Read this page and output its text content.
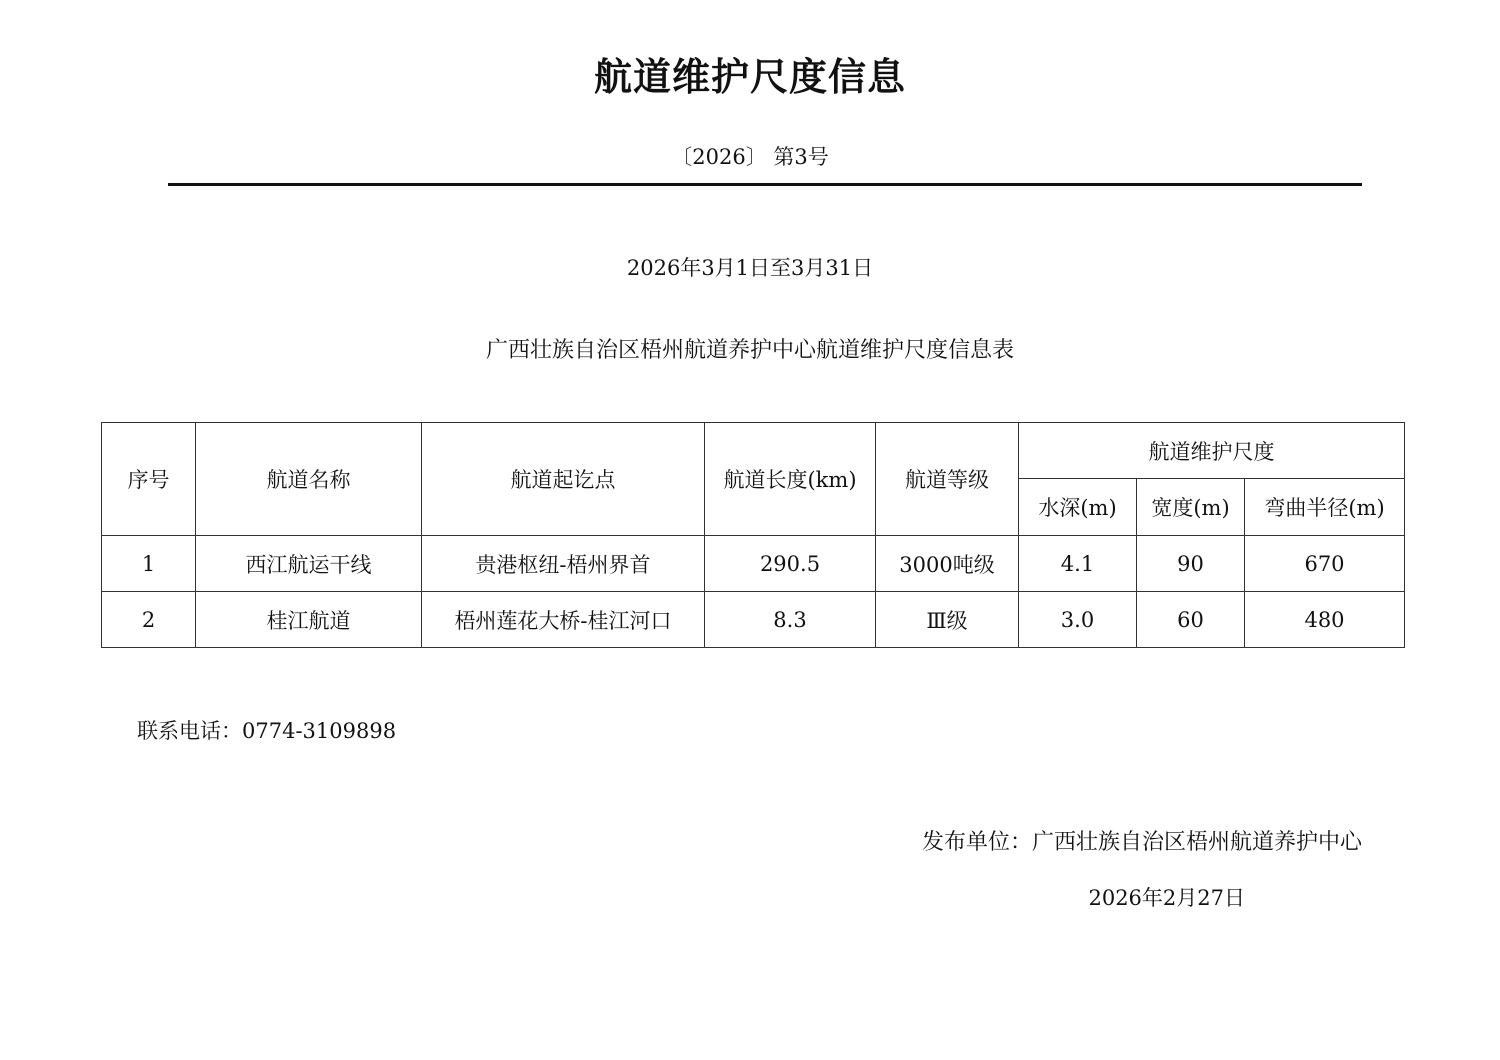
航道维护尺度信息
〔2026〕 第3号
2026年3月1日至3月31日
广西壮族自治区梧州航道养护中心航道维护尺度信息表
序号	航道名称	航道起讫点	航道长度(km)	航道等级	航道维护尺度		
					水深(m)	宽度(m)	弯曲半径(m)
1	西江航运干线	贵港枢纽-梧州界首	290.5	3000吨级	4.1	90	670
2	桂江航道	梧州莲花大桥-桂江河口	8.3	Ⅲ级	3.0	60	480
联系电话：0774-3109898
发布单位：广西壮族自治区梧州航道养护中心
2026年2月27日
